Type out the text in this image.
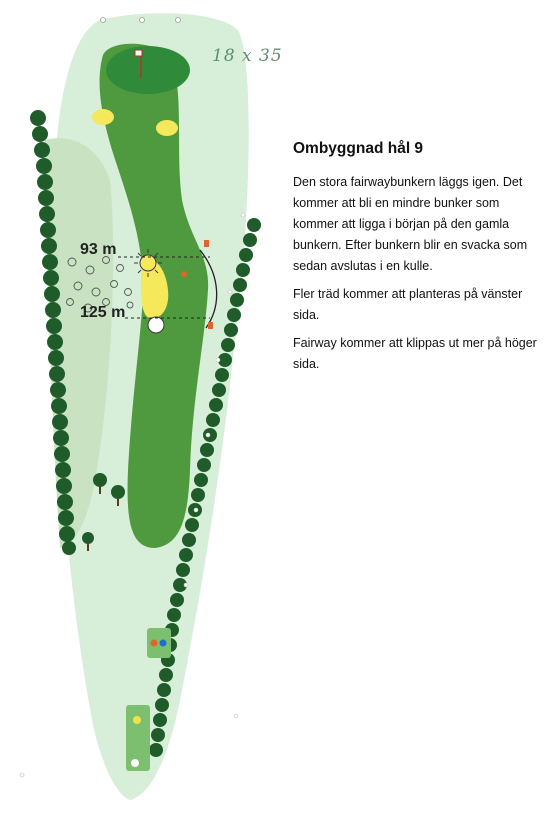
18 x 35
93 m
125 m
Ombyggnad hål 9

Den stora fairwaybunkern läggs igen. Det kommer att bli en mindre bunker som kommer att ligga i början på den gamla bunkern. Efter bunkern blir en svacka som sedan avslutas i en kulle.

Fler träd kommer att planteras på vänster sida.

Fairway kommer att klippas ut mer på höger sida.
